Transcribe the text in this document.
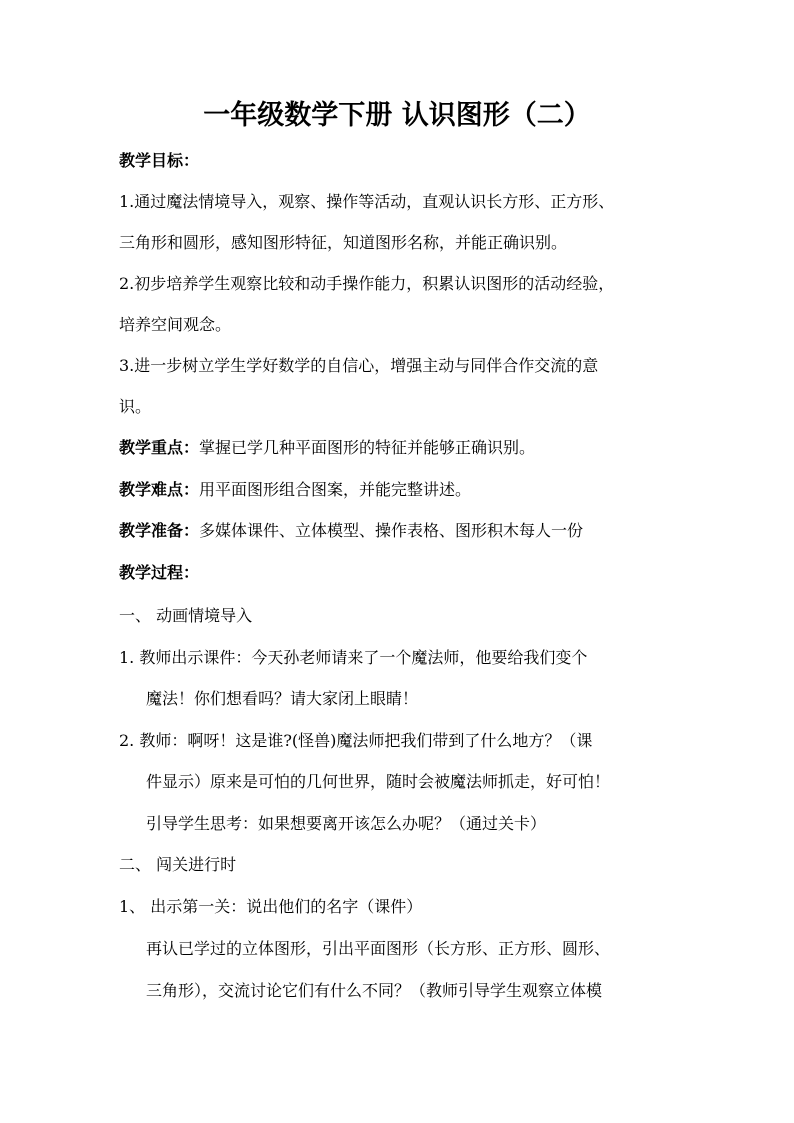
一年级数学下册 认识图形（二）
教学目标：
1.通过魔法情境导入，观察、操作等活动，直观认识长方形、正方形、
三角形和圆形，感知图形特征，知道图形名称，并能正确识别。
2.初步培养学生观察比较和动手操作能力，积累认识图形的活动经验，
培养空间观念。
3.进一步树立学生学好数学的自信心，增强主动与同伴合作交流的意
识。
教学重点：掌握已学几种平面图形的特征并能够正确识别。
教学难点：用平面图形组合图案，并能完整讲述。
教学准备：多媒体课件、立体模型、操作表格、图形积木每人一份
教学过程：
一、 动画情境导入
1. 教师出示课件：今天孙老师请来了一个魔法师，他要给我们变个
魔法！你们想看吗？请大家闭上眼睛！
2. 教师：啊呀！这是谁?(怪兽)魔法师把我们带到了什么地方？（课
件显示）原来是可怕的几何世界，随时会被魔法师抓走，好可怕！
引导学生思考：如果想要离开该怎么办呢？（通过关卡）
二、 闯关进行时
1、 出示第一关：说出他们的名字（课件）
再认已学过的立体图形，引出平面图形（长方形、正方形、圆形、
三角形），交流讨论它们有什么不同？（教师引导学生观察立体模
